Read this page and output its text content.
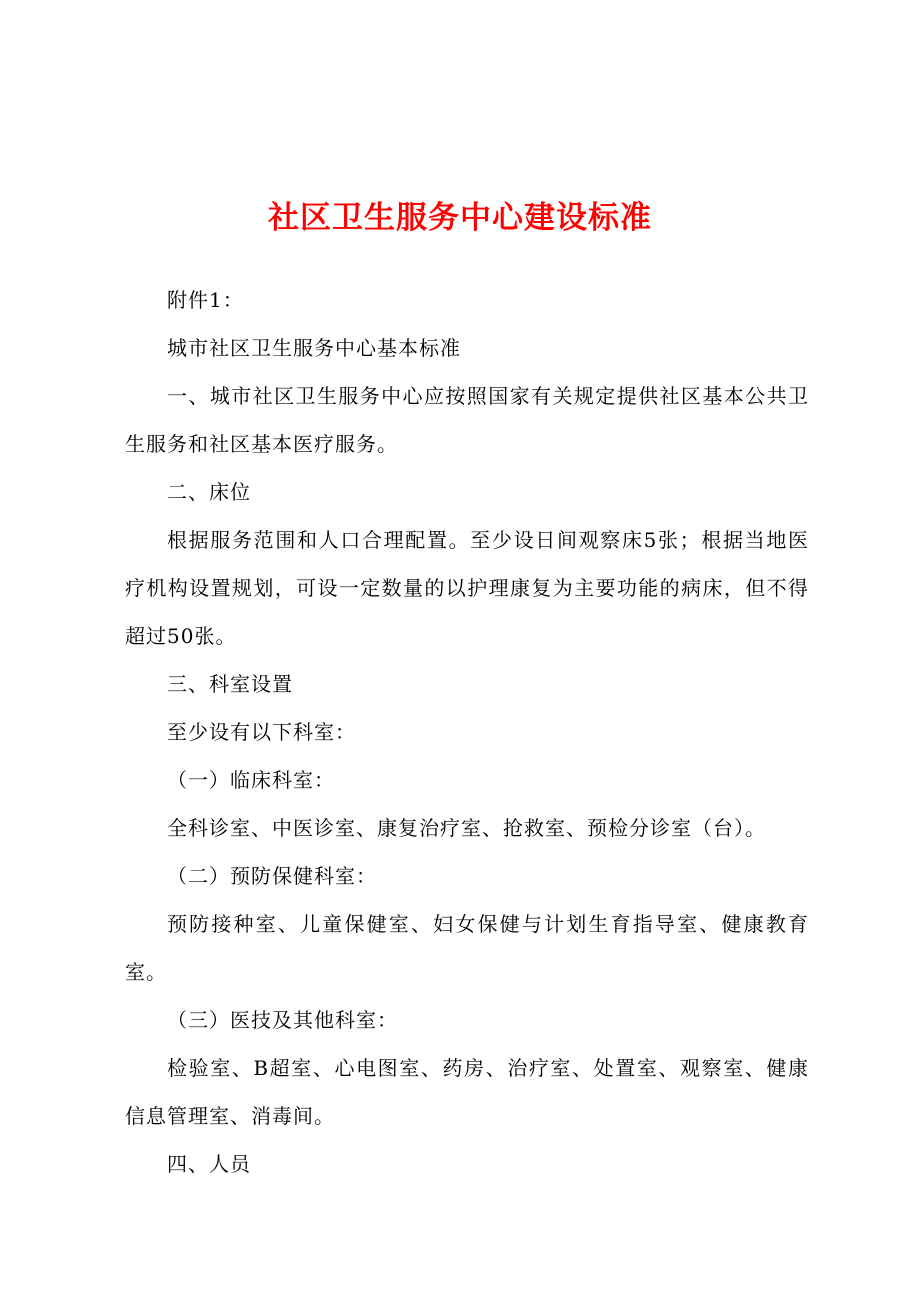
社区卫生服务中心建设标准

附件1：

城市社区卫生服务中心基本标准

一、城市社区卫生服务中心应按照国家有关规定提供社区基本公共卫生服务和社区基本医疗服务。

二、床位

根据服务范围和人口合理配置。至少设日间观察床5张；根据当地医疗机构设置规划，可设一定数量的以护理康复为主要功能的病床，但不得超过50张。

三、科室设置

至少设有以下科室：

（一）临床科室：

全科诊室、中医诊室、康复治疗室、抢救室、预检分诊室（台）。

（二）预防保健科室：

预防接种室、儿童保健室、妇女保健与计划生育指导室、健康教育室。

（三）医技及其他科室：

检验室、B超室、心电图室、药房、治疗室、处置室、观察室、健康信息管理室、消毒间。

四、人员
